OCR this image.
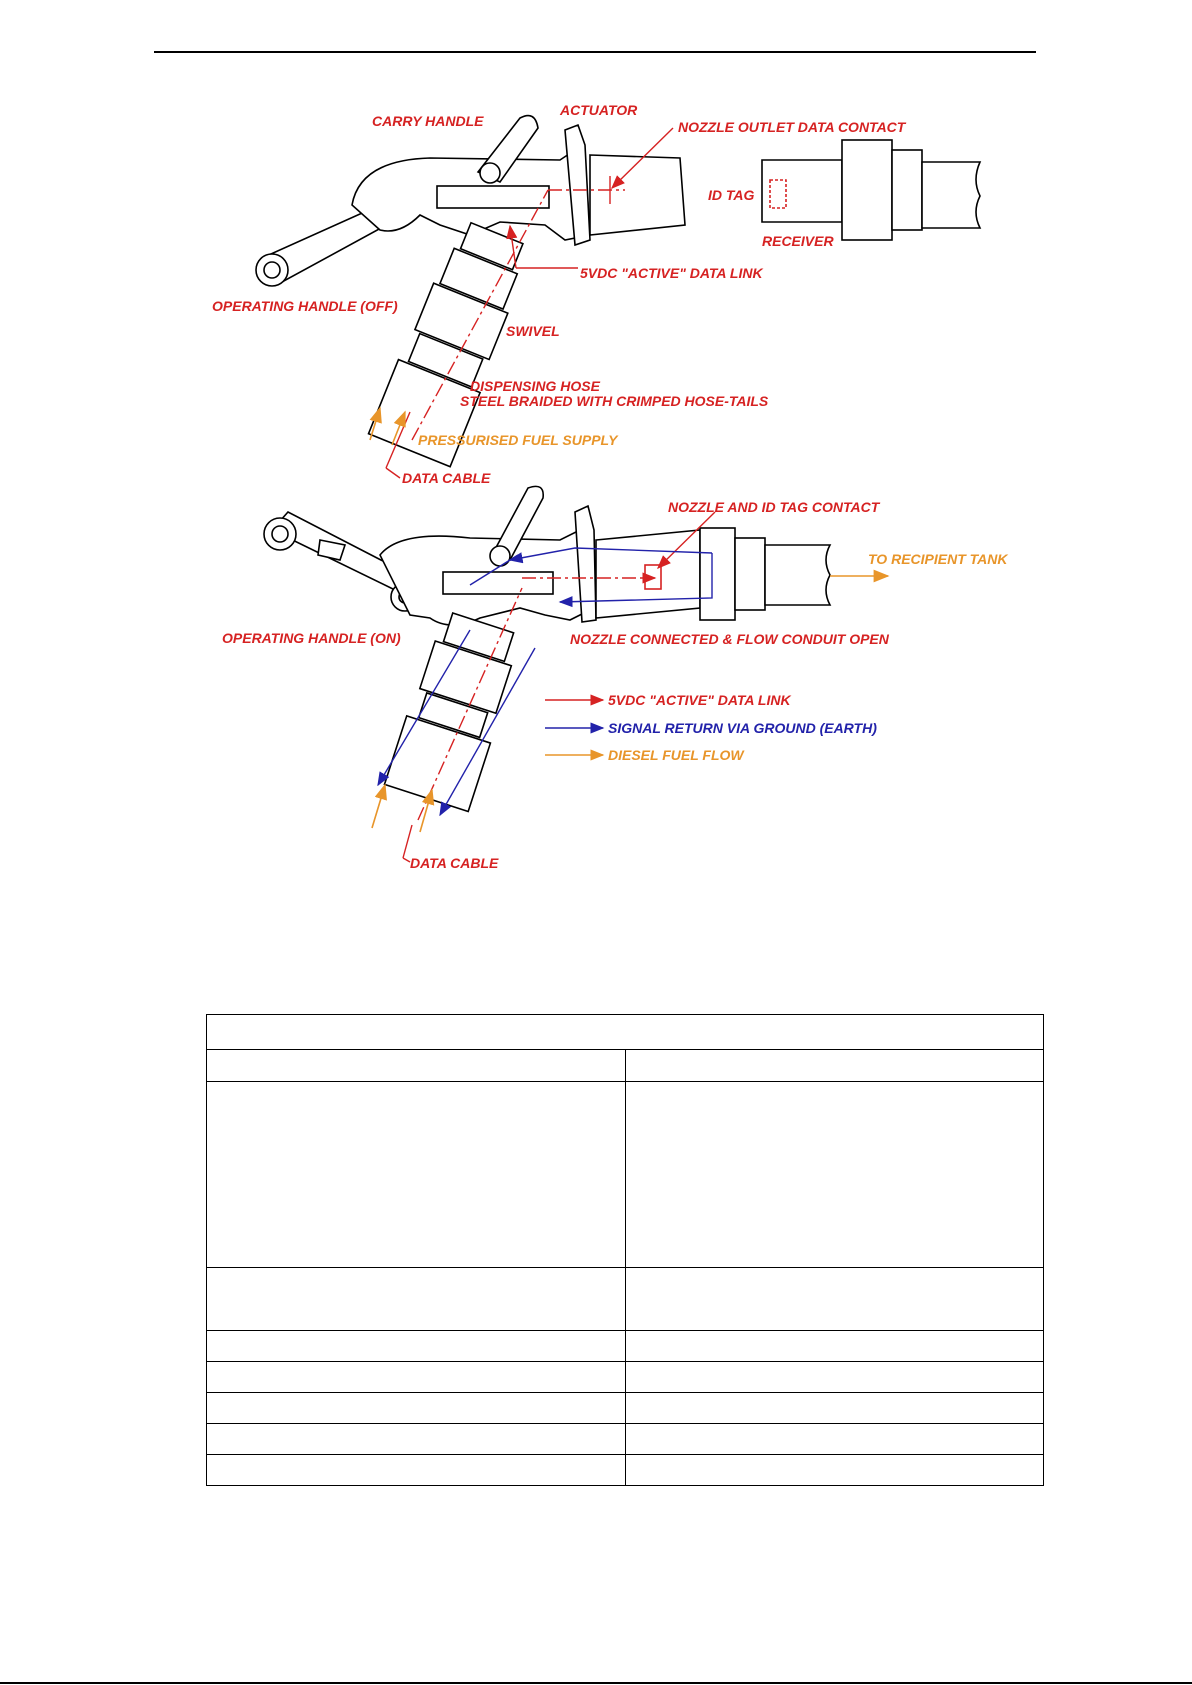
CARRY HANDLE
ACTUATOR
NOZZLE OUTLET DATA CONTACT
ID TAG
RECEIVER
5VDC "ACTIVE" DATA LINK
OPERATING HANDLE (OFF)
SWIVEL
DISPENSING HOSE
STEEL BRAIDED WITH CRIMPED HOSE-TAILS
PRESSURISED FUEL SUPPLY
DATA CABLE
NOZZLE AND ID TAG CONTACT
TO RECIPIENT TANK
OPERATING HANDLE (ON)	NOZZLE CONNECTED & FLOW CONDUIT OPEN
DATA CABLE
5VDC "ACTIVE" DATA LINK
SIGNAL RETURN VIA GROUND (EARTH)
DIESEL FUEL FLOW
